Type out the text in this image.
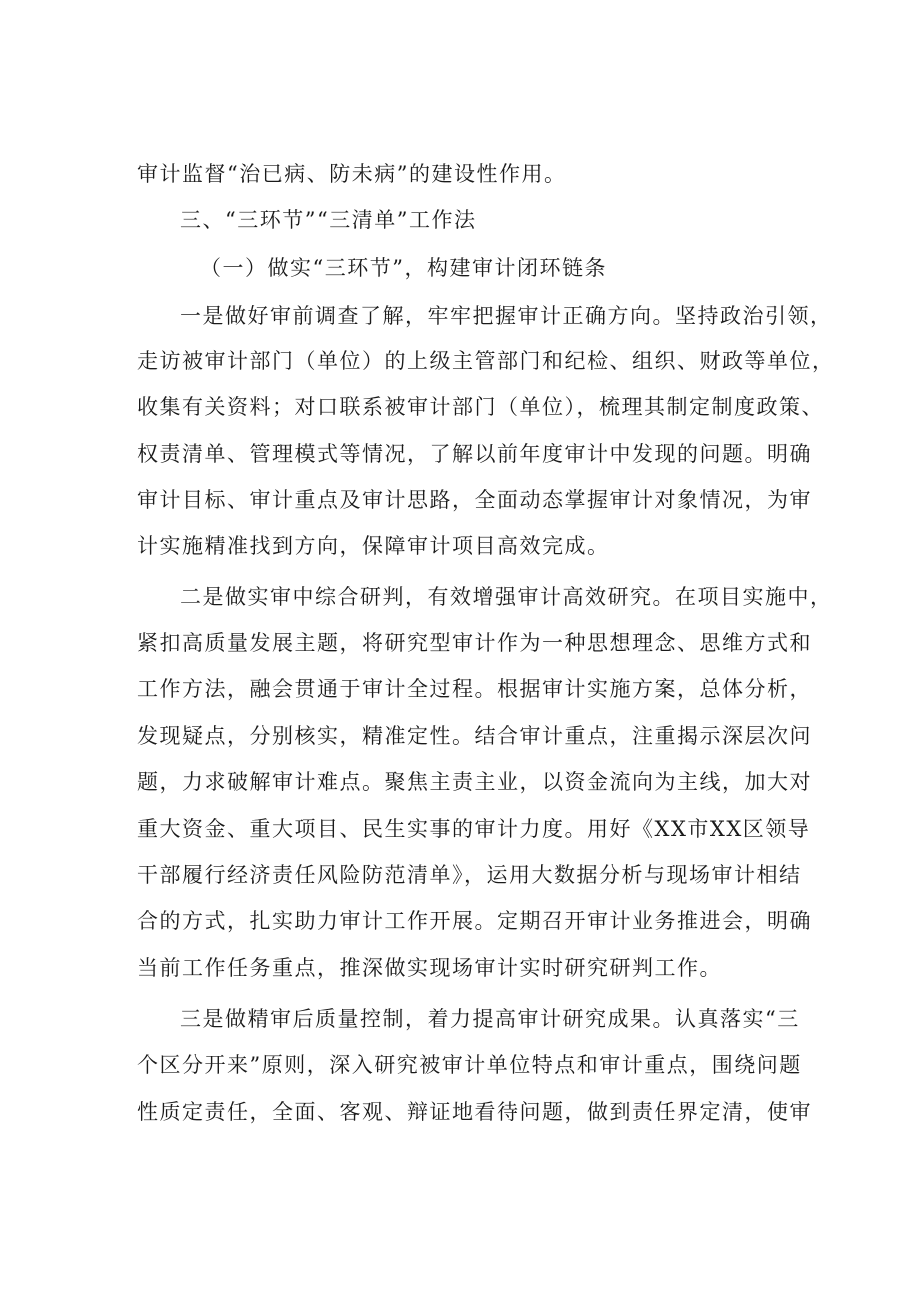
审计监督“治已病、防未病”的建设性作用。
三、“三环节”“三清单”工作法
（一）做实“三环节”，构建审计闭环链条
一是做好审前调查了解，牢牢把握审计正确方向。坚持政治引领，
走访被审计部门（单位）的上级主管部门和纪检、组织、财政等单位，
收集有关资料；对口联系被审计部门（单位），梳理其制定制度政策、
权责清单、管理模式等情况，了解以前年度审计中发现的问题。明确
审计目标、审计重点及审计思路，全面动态掌握审计对象情况，为审
计实施精准找到方向，保障审计项目高效完成。
二是做实审中综合研判，有效增强审计高效研究。在项目实施中，
紧扣高质量发展主题，将研究型审计作为一种思想理念、思维方式和
工作方法，融会贯通于审计全过程。根据审计实施方案，总体分析，
发现疑点，分别核实，精准定性。结合审计重点，注重揭示深层次问
题，力求破解审计难点。聚焦主责主业，以资金流向为主线，加大对
重大资金、重大项目、民生实事的审计力度。用好《XX市XX区领导
干部履行经济责任风险防范清单》，运用大数据分析与现场审计相结
合的方式，扎实助力审计工作开展。定期召开审计业务推进会，明确
当前工作任务重点，推深做实现场审计实时研究研判工作。
三是做精审后质量控制，着力提高审计研究成果。认真落实“三
个区分开来”原则，深入研究被审计单位特点和审计重点，围绕问题
性质定责任，全面、客观、辩证地看待问题，做到责任界定清，使审
